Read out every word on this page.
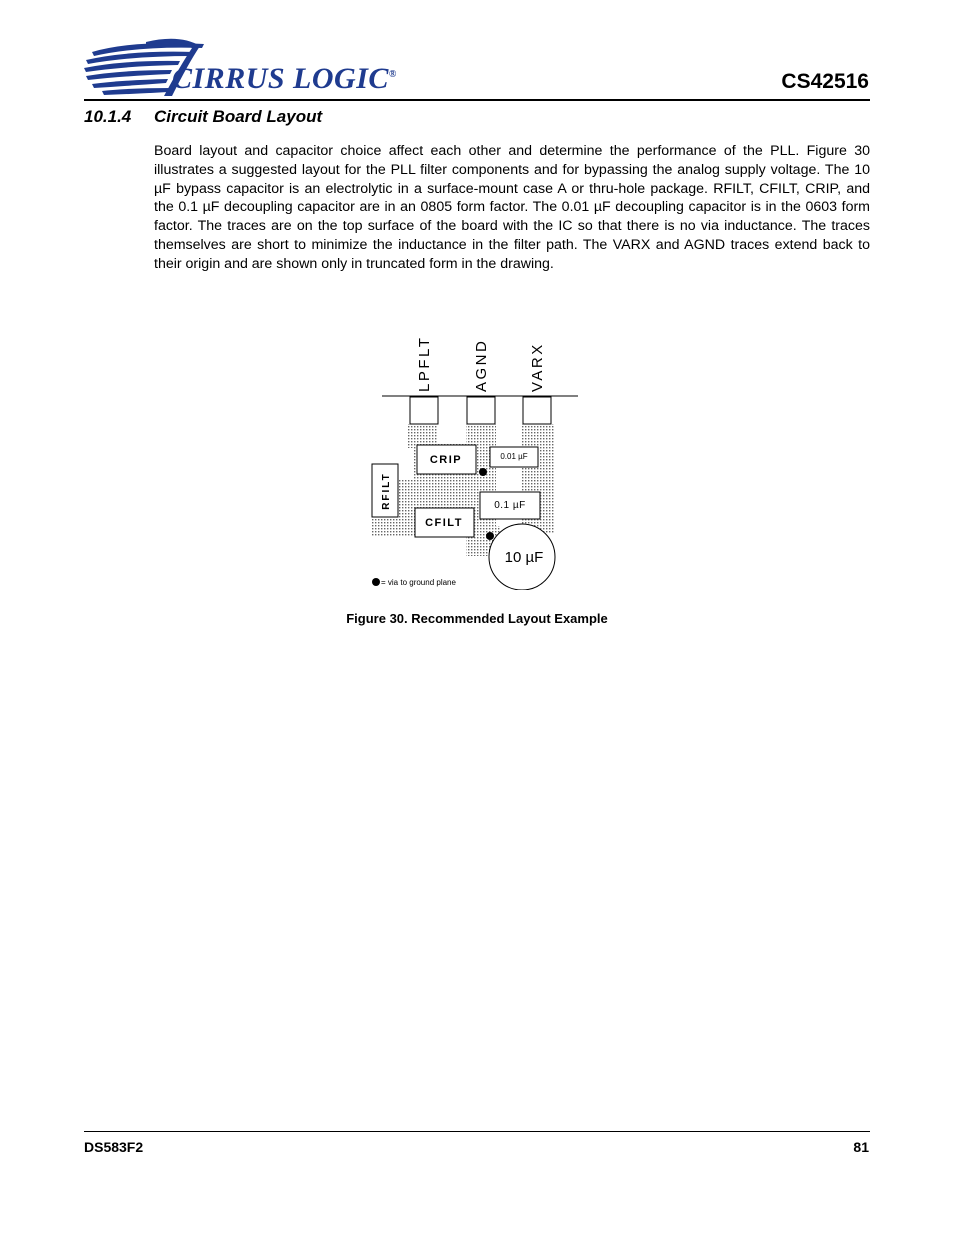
CIRRUS LOGIC®	CS42516
10.1.4 Circuit Board Layout
Board layout and capacitor choice affect each other and determine the performance of the PLL. Figure 30 illustrates a suggested layout for the PLL filter components and for bypassing the analog supply voltage. The 10 µF bypass capacitor is an electrolytic in a surface-mount case A or thru-hole package. RFILT, CFILT, CRIP, and the 0.1 µF decoupling capacitor are in an 0805 form factor. The 0.01 µF decoupling capacitor is in the 0603 form factor. The traces are on the top surface of the board with the IC so that there is no via inductance. The traces themselves are short to minimize the inductance in the filter path. The VARX and AGND traces extend back to their origin and are shown only in truncated form in the drawing.
LPFLT	AGND	VARX
CRIP	0.01 µF
RFILT	0.1 µF
CFILT
10 µF
= via to ground plane
Figure 30. Recommended Layout Example
DS583F2	81
